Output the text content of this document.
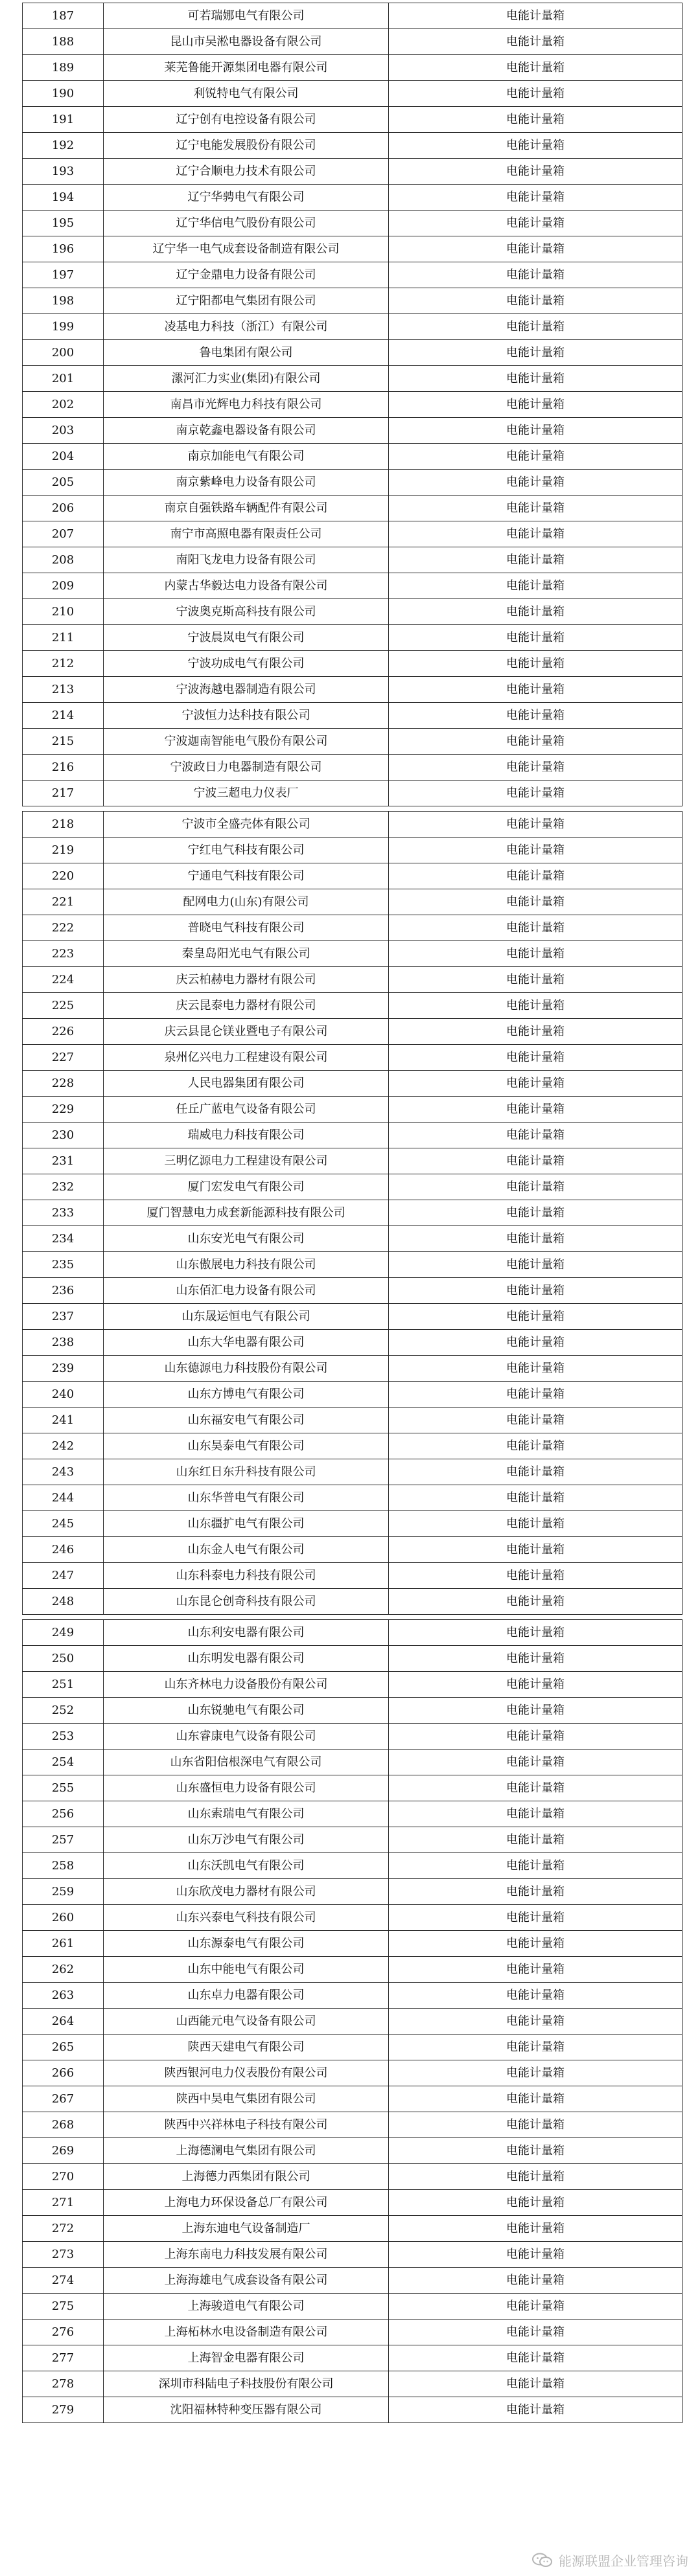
187	可若瑞娜电气有限公司	电能计量箱
188	昆山市吴淞电器设备有限公司	电能计量箱
189	莱芜鲁能开源集团电器有限公司	电能计量箱
190	利锐特电气有限公司	电能计量箱
191	辽宁创有电控设备有限公司	电能计量箱
192	辽宁电能发展股份有限公司	电能计量箱
193	辽宁合顺电力技术有限公司	电能计量箱
194	辽宁华骋电气有限公司	电能计量箱
195	辽宁华信电气股份有限公司	电能计量箱
196	辽宁华一电气成套设备制造有限公司	电能计量箱
197	辽宁金鼎电力设备有限公司	电能计量箱
198	辽宁阳都电气集团有限公司	电能计量箱
199	凌基电力科技（浙江）有限公司	电能计量箱
200	鲁电集团有限公司	电能计量箱
201	漯河汇力实业(集团)有限公司	电能计量箱
202	南昌市光辉电力科技有限公司	电能计量箱
203	南京乾鑫电器设备有限公司	电能计量箱
204	南京加能电气有限公司	电能计量箱
205	南京紫峰电力设备有限公司	电能计量箱
206	南京自强铁路车辆配件有限公司	电能计量箱
207	南宁市高照电器有限责任公司	电能计量箱
208	南阳飞龙电力设备有限公司	电能计量箱
209	内蒙古华毅达电力设备有限公司	电能计量箱
210	宁波奥克斯高科技有限公司	电能计量箱
211	宁波晨岚电气有限公司	电能计量箱
212	宁波功成电气有限公司	电能计量箱
213	宁波海越电器制造有限公司	电能计量箱
214	宁波恒力达科技有限公司	电能计量箱
215	宁波迦南智能电气股份有限公司	电能计量箱
216	宁波政日力电器制造有限公司	电能计量箱
217	宁波三超电力仪表厂	电能计量箱

218	宁波市全盛壳体有限公司	电能计量箱
219	宁红电气科技有限公司	电能计量箱
220	宁通电气科技有限公司	电能计量箱
221	配网电力(山东)有限公司	电能计量箱
222	普晓电气科技有限公司	电能计量箱
223	秦皇岛阳光电气有限公司	电能计量箱
224	庆云柏赫电力器材有限公司	电能计量箱
225	庆云昆泰电力器材有限公司	电能计量箱
226	庆云县昆仑镁业暨电子有限公司	电能计量箱
227	泉州亿兴电力工程建设有限公司	电能计量箱
228	人民电器集团有限公司	电能计量箱
229	任丘广蓝电气设备有限公司	电能计量箱
230	瑞威电力科技有限公司	电能计量箱
231	三明亿源电力工程建设有限公司	电能计量箱
232	厦门宏发电气有限公司	电能计量箱
233	厦门智慧电力成套新能源科技有限公司	电能计量箱
234	山东安光电气有限公司	电能计量箱
235	山东傲展电力科技有限公司	电能计量箱
236	山东佰汇电力设备有限公司	电能计量箱
237	山东晟运恒电气有限公司	电能计量箱
238	山东大华电器有限公司	电能计量箱
239	山东德源电力科技股份有限公司	电能计量箱
240	山东方博电气有限公司	电能计量箱
241	山东福安电气有限公司	电能计量箱
242	山东昊泰电气有限公司	电能计量箱
243	山东红日东升科技有限公司	电能计量箱
244	山东华普电气有限公司	电能计量箱
245	山东疆扩电气有限公司	电能计量箱
246	山东金人电气有限公司	电能计量箱
247	山东科泰电力科技有限公司	电能计量箱
248	山东昆仑创奇科技有限公司	电能计量箱

249	山东利安电器有限公司	电能计量箱
250	山东明发电器有限公司	电能计量箱
251	山东齐林电力设备股份有限公司	电能计量箱
252	山东锐驰电气有限公司	电能计量箱
253	山东睿康电气设备有限公司	电能计量箱
254	山东省阳信根深电气有限公司	电能计量箱
255	山东盛恒电力设备有限公司	电能计量箱
256	山东索瑞电气有限公司	电能计量箱
257	山东万沙电气有限公司	电能计量箱
258	山东沃凯电气有限公司	电能计量箱
259	山东欣茂电力器材有限公司	电能计量箱
260	山东兴泰电气科技有限公司	电能计量箱
261	山东源泰电气有限公司	电能计量箱
262	山东中能电气有限公司	电能计量箱
263	山东卓力电器有限公司	电能计量箱
264	山西能元电气设备有限公司	电能计量箱
265	陕西天建电气有限公司	电能计量箱
266	陕西银河电力仪表股份有限公司	电能计量箱
267	陕西中昊电气集团有限公司	电能计量箱
268	陕西中兴祥林电子科技有限公司	电能计量箱
269	上海德澜电气集团有限公司	电能计量箱
270	上海德力西集团有限公司	电能计量箱
271	上海电力环保设备总厂有限公司	电能计量箱
272	上海东迪电气设备制造厂	电能计量箱
273	上海东南电力科技发展有限公司	电能计量箱
274	上海海雄电气成套设备有限公司	电能计量箱
275	上海骏道电气有限公司	电能计量箱
276	上海柘林水电设备制造有限公司	电能计量箱
277	上海智金电器有限公司	电能计量箱
278	深圳市科陆电子科技股份有限公司	电能计量箱
279	沈阳福林特种变压器有限公司	电能计量箱
能源联盟企业管理咨询
